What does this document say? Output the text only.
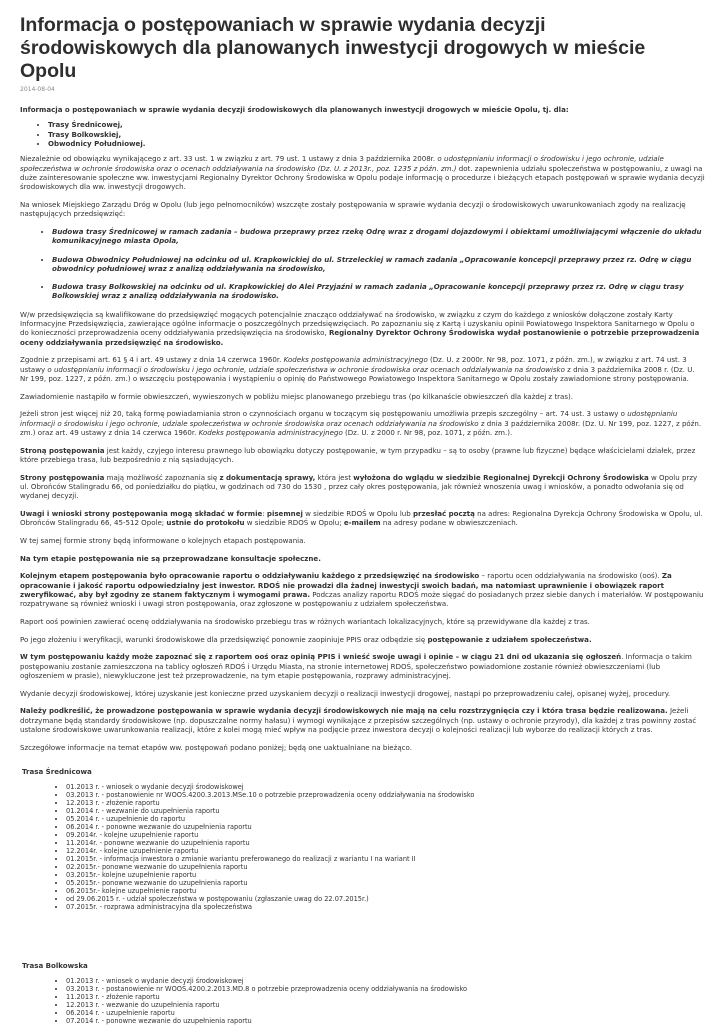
Informacja o postępowaniach w sprawie wydania decyzji środowiskowych dla planowanych inwestycji drogowych w mieście Opolu
2014-08-04

Informacja o postępowaniach w sprawie wydania decyzji środowiskowych dla planowanych inwestycji drogowych w mieście Opolu, tj. dla:

• Trasy Średnicowej,
• Trasy Bolkowskiej,
• Obwodnicy Południowej.

Niezależnie od obowiązku wynikającego z art. 33 ust. 1 w związku z art. 79 ust. 1 ustawy z dnia 3 października 2008r. o udostępnianiu informacji o środowisku i jego ochronie, udziale społeczeństwa w ochronie środowiska oraz o ocenach oddziaływania na środowisko (Dz. U. z 2013r., poz. 1235 z późn. zm.) dot. zapewnienia udziału społeczeństwa w postępowaniu, z uwagi na duże zainteresowanie społeczne ww. inwestycjami Regionalny Dyrektor Ochrony Środowiska w Opolu podaje informację o procedurze i bieżących etapach postępowań w sprawie wydania decyzji środowiskowych dla ww. inwestycji drogowych.

Na wniosek Miejskiego Zarządu Dróg w Opolu (lub jego pełnomocników) wszczęte zostały postępowania w sprawie wydania decyzji o środowiskowych uwarunkowaniach zgody na realizację następujących przedsięwzięć:

• Budowa trasy Średnicowej w ramach zadania – budowa przeprawy przez rzekę Odrę wraz z drogami dojazdowymi i obiektami umożliwiającymi włączenie do układu komunikacyjnego miasta Opola,
• Budowa Obwodnicy Południowej na odcinku od ul. Krapkowickiej do ul. Strzeleckiej w ramach zadania „Opracowanie koncepcji przeprawy przez rz. Odrę w ciągu obwodnicy południowej wraz z analizą oddziaływania na środowisko,
• Budowa trasy Bolkowskiej na odcinku od ul. Krapkowickiej do Alei Przyjaźni w ramach zadania „Opracowanie koncepcji przeprawy przez rz. Odrę w ciągu trasy Bolkowskiej wraz z analizą oddziaływania na środowisko.

W/w przedsięwzięcia są kwalifikowane do przedsięwzięć mogących potencjalnie znacząco oddziaływać na środowisko, w związku z czym do każdego z wniosków dołączone zostały Karty Informacyjne Przedsięwzięcia, zawierające ogólne informacje o poszczególnych przedsięwzięciach. Po zapoznaniu się z Kartą i uzyskaniu opinii Powiatowego Inspektora Sanitarnego w Opolu o do konieczności przeprowadzenia oceny oddziaływania przedsięwzięcia na środowisko, Regionalny Dyrektor Ochrony Środowiska wydał postanowienie o potrzebie przeprowadzenia oceny oddziaływania przedsięwzięć na środowisko.

Zgodnie z przepisami art. 61 § 4 i art. 49 ustawy z dnia 14 czerwca 1960r. Kodeks postępowania administracyjnego (Dz. U. z 2000r. Nr 98, poz. 1071, z późn. zm.), w związku z art. 74 ust. 3 ustawy o udostępnianiu informacji o środowisku i jego ochronie, udziale społeczeństwa w ochronie środowiska oraz ocenach oddziaływania na środowisko z dnia 3 października 2008 r. (Dz. U. Nr 199, poz. 1227, z późn. zm.) o wszczęciu postępowania i wystąpieniu o opinię do Państwowego Powiatowego Inspektora Sanitarnego w Opolu zostały zawiadomione strony postępowania.

Zawiadomienie nastąpiło w formie obwieszczeń, wywieszonych w pobliżu miejsc planowanego przebiegu tras (po kilkanaście obwieszczeń dla każdej z tras).

Jeżeli stron jest więcej niż 20, taką formę powiadamiania stron o czynnościach organu w toczącym się postępowaniu umożliwia przepis szczególny – art. 74 ust. 3 ustawy o udostępnianiu informacji o środowisku i jego ochronie, udziale społeczeństwa w ochronie środowiska oraz ocenach oddziaływania na środowisko z dnia 3 października 2008r. (Dz. U. Nr 199, poz. 1227, z późn. zm.) oraz art. 49 ustawy z dnia 14 czerwca 1960r. Kodeks postępowania administracyjnego (Dz. U. z 2000 r. Nr 98, poz. 1071, z późn. zm.).

Stroną postępowania jest każdy, czyjego interesu prawnego lub obowiązku dotyczy postępowanie, w tym przypadku – są to osoby (prawne lub fizyczne) będące właścicielami działek, przez które przebiega trasa, lub bezpośrednio z nią sąsiadujących.

Strony postępowania mają możliwość zapoznania się z dokumentacją sprawy, która jest wyłożona do wglądu w siedzibie Regionalnej Dyrekcji Ochrony Środowiska w Opolu przy ul. Obrońców Stalingradu 66, od poniedziałku do piątku, w godzinach od 730 do 1530 , przez cały okres postępowania, jak również wnoszenia uwag i wniosków, a ponadto odwołania się od wydanej decyzji.

Uwagi i wnioski strony postępowania mogą składać w formie: pisemnej w siedzibie RDOŚ w Opolu lub przesłać pocztą na adres: Regionalna Dyrekcja Ochrony Środowiska w Opolu, ul. Obrońców Stalingradu 66, 45-512 Opole; ustnie do protokołu w siedzibie RDOŚ w Opolu; e-mailem na adresy podane w obwieszczeniach.

W tej samej formie strony będą informowane o kolejnych etapach postępowania.

Na tym etapie postępowania nie są przeprowadzane konsultacje społeczne.

Kolejnym etapem postępowania było opracowanie raportu o oddziaływaniu każdego z przedsięwzięć na środowisko – raportu ocen oddziaływania na środowisko (ooś). Za opracowanie i jakość raportu odpowiedzialny jest inwestor. RDOŚ nie prowadzi dla żadnej inwestycji swoich badań, ma natomiast uprawnienie i obowiązek raport zweryfikować, aby był zgodny ze stanem faktycznym i wymogami prawa. Podczas analizy raportu RDOŚ może sięgać do posiadanych przez siebie danych i materiałów. W postępowaniu rozpatrywane są również wnioski i uwagi stron postępowania, oraz zgłoszone w postępowaniu z udziałem społeczeństwa.

Raport ooś powinien zawierać ocenę oddziaływania na środowisko przebiegu tras w różnych wariantach lokalizacyjnych, które są przewidywane dla każdej z tras.

Po jego złożeniu i weryfikacji, warunki środowiskowe dla przedsięwzięć ponownie zaopiniuje PPIS oraz odbędzie się postępowanie z udziałem społeczeństwa.

W tym postępowaniu każdy może zapoznać się z raportem ooś oraz opinią PPIS i wnieść swoje uwagi i opinie – w ciągu 21 dni od ukazania się ogłoszeń. Informacja o takim postępowaniu zostanie zamieszczona na tablicy ogłoszeń RDOŚ i Urzędu Miasta, na stronie internetowej RDOŚ, społeczeństwo powiadomione zostanie również obwieszczeniami (lub ogłoszeniem w prasie), niewykluczone jest też przeprowadzenie, na tym etapie postępowania, rozprawy administracyjnej.

Wydanie decyzji środowiskowej, której uzyskanie jest konieczne przed uzyskaniem decyzji o realizacji inwestycji drogowej, nastąpi po przeprowadzeniu całej, opisanej wyżej, procedury.

Należy podkreślić, że prowadzone postępowania w sprawie wydania decyzji środowiskowych nie mają na celu rozstrzygnięcia czy i która trasa będzie realizowana. Jeżeli dotrzymane będą standardy środowiskowe (np. dopuszczalne normy hałasu) i wymogi wynikające z przepisów szczególnych (np. ustawy o ochronie przyrody), dla każdej z tras powinny zostać ustalone środowiskowe uwarunkowania realizacji, które z kolei mogą mieć wpływ na podjęcie przez inwestora decyzji o kolejności realizacji lub wyborze do realizacji których z tras.

Szczegółowe informacje na temat etapów ww. postępowań podano poniżej; będą one uaktualniane na bieżąco.

Trasa Średnicowa
• 01.2013 r. - wniosek o wydanie decyzji środowiskowej
• 03.2013 r. - postanowienie nr WOOŚ.4200.3.2013.MSe.10 o potrzebie przeprowadzenia oceny oddziaływania na środowisko
• 12.2013 r. - złożenie raportu
• 01.2014 r. - wezwanie do uzupełnienia raportu
• 05.2014 r. - uzupełnienie do raportu
• 06.2014 r. - ponowne wezwanie do uzupełnienia raportu
• 09.2014r. - kolejne uzupełnienie raportu
• 11.2014r. - ponowne wezwanie do uzupełnienia raportu
• 12.2014r. - kolejne uzupełnienie raportu
• 01.2015r. - informacja inwestora o zmianie wariantu preferowanego do realizacji z wariantu I na wariant II
• 02.2015r.- ponowne wezwanie do uzupełnienia raportu
• 03.2015r.- kolejne uzupełnienie raportu
• 05.2015r.- ponowne wezwanie do uzupełnienia raportu
• 06.2015r.- kolejne uzupełnienie raportu
• od 29.06.2015 r. - udział społeczeństwa w postępowaniu (zgłaszanie uwag do 22.07.2015r.)
• 07.2015r. - rozprawa administracyjna dla społeczeństwa
Trasa Bolkowska
• 01.2013 r. - wniosek o wydanie decyzji środowiskowej
• 03.2013 r. - postanowienie nr WOOŚ.4200.2.2013.MD.8 o potrzebie przeprowadzenia oceny oddziaływania na środowisko
• 11.2013 r. - złożenie raportu
• 12.2013 r. - wezwanie do uzupełnienia raportu
• 06.2014 r. - uzupełnienie raportu
• 07.2014 r. - ponowne wezwanie do uzupełnienia raportu
